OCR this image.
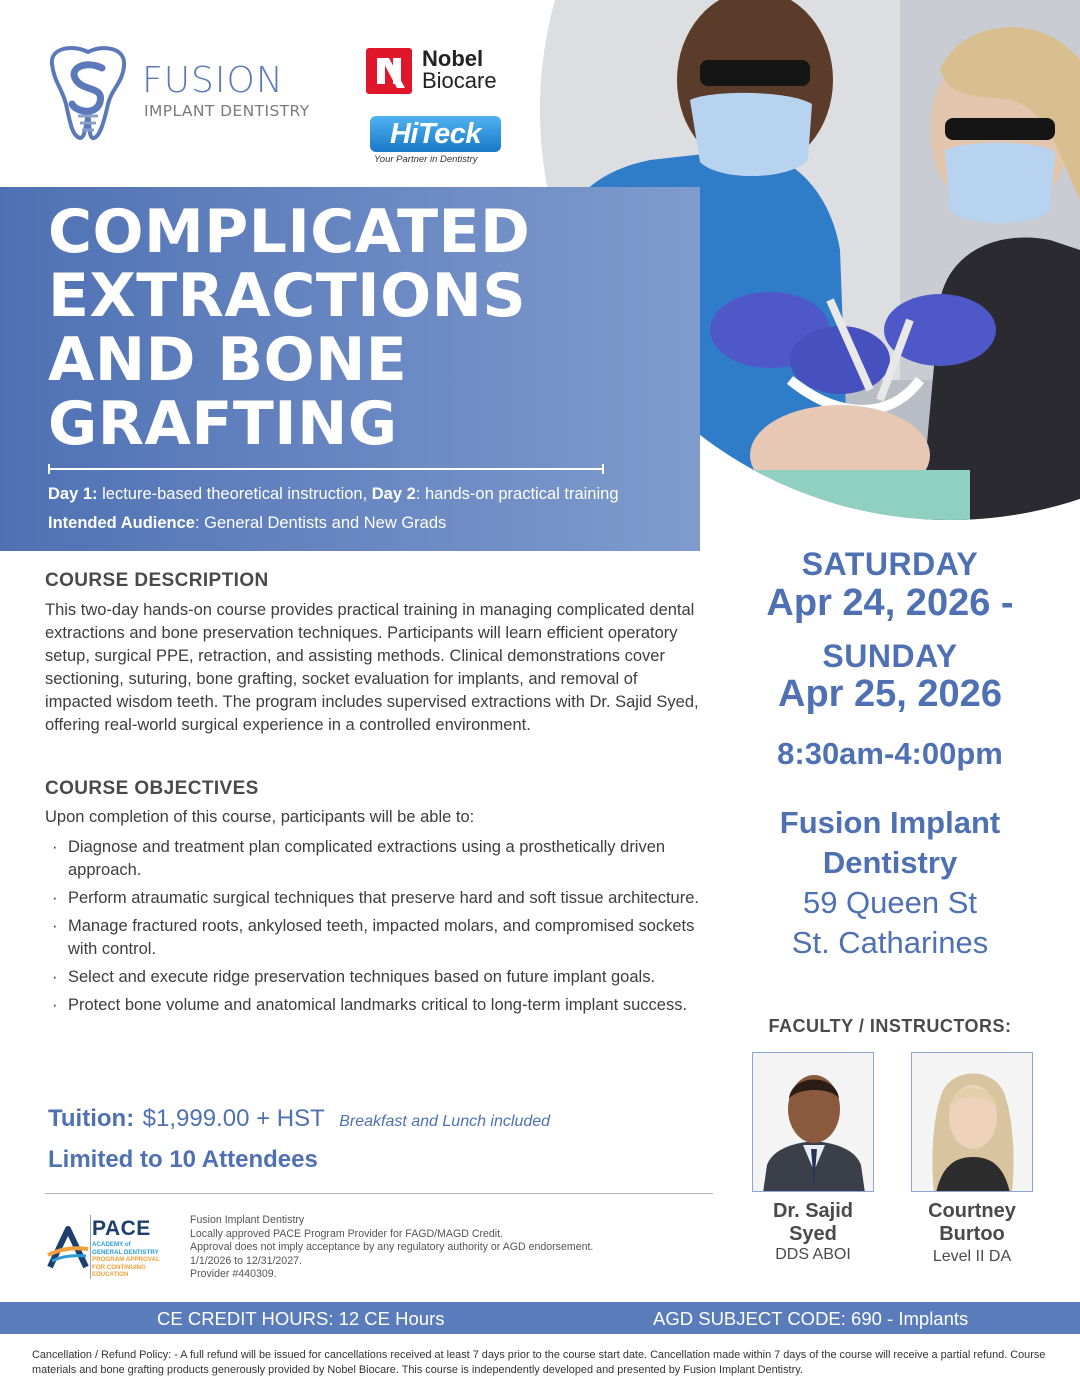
FUSION
IMPLANT DENTISTRY
Nobel
Biocare
HiTeck
Your Partner in Dentistry
COMPLICATED
EXTRACTIONS
AND BONE
GRAFTING
Day 1: lecture-based theoretical instruction, Day 2: hands-on practical training
Intended Audience: General Dentists and New Grads
COURSE DESCRIPTION

This two-day hands-on course provides practical training in managing complicated dental extractions and bone preservation techniques. Participants will learn efficient operatory setup, surgical PPE, retraction, and assisting methods. Clinical demonstrations cover sectioning, suturing, bone grafting, socket evaluation for implants, and removal of impacted wisdom teeth. The program includes supervised extractions with Dr. Sajid Syed, offering real-world surgical experience in a controlled environment.

COURSE OBJECTIVES

Upon completion of this course, participants will be able to:

· Diagnose and treatment plan complicated extractions using a prosthetically driven approach.
· Perform atraumatic surgical techniques that preserve hard and soft tissue architecture.
· Manage fractured roots, ankylosed teeth, impacted molars, and compromised sockets with control.
· Select and execute ridge preservation techniques based on future implant goals.
· Protect bone volume and anatomical landmarks critical to long-term implant success.
Tuition: $1,999.00 + HST Breakfast and Lunch included
Limited to 10 Attendees
PACE
ACADEMY of
GENERAL DENTISTRY
PROGRAM APPROVAL
FOR CONTINUING
EDUCATION
Fusion Implant Dentistry
Locally approved PACE Program Provider for FAGD/MAGD Credit.
Approval does not imply acceptance by any regulatory authority or AGD endorsement.
1/1/2026 to 12/31/2027.
Provider #440309.
SATURDAY
Apr 24, 2026 -
SUNDAY
Apr 25, 2026
8:30am-4:00pm
Fusion Implant
Dentistry
59 Queen St
St. Catharines
FACULTY / INSTRUCTORS:
Dr. Sajid
Syed
DDS ABOI
Courtney
Burtoo
Level II DA
CE CREDIT HOURS: 12 CE Hours	AGD SUBJECT CODE: 690 - Implants

Cancellation / Refund Policy: - A full refund will be issued for cancellations received at least 7 days prior to the course start date. Cancellation made within 7 days of the course will receive a partial refund. Course materials and bone grafting products generously provided by Nobel Biocare. This course is independently developed and presented by Fusion Implant Dentistry.
